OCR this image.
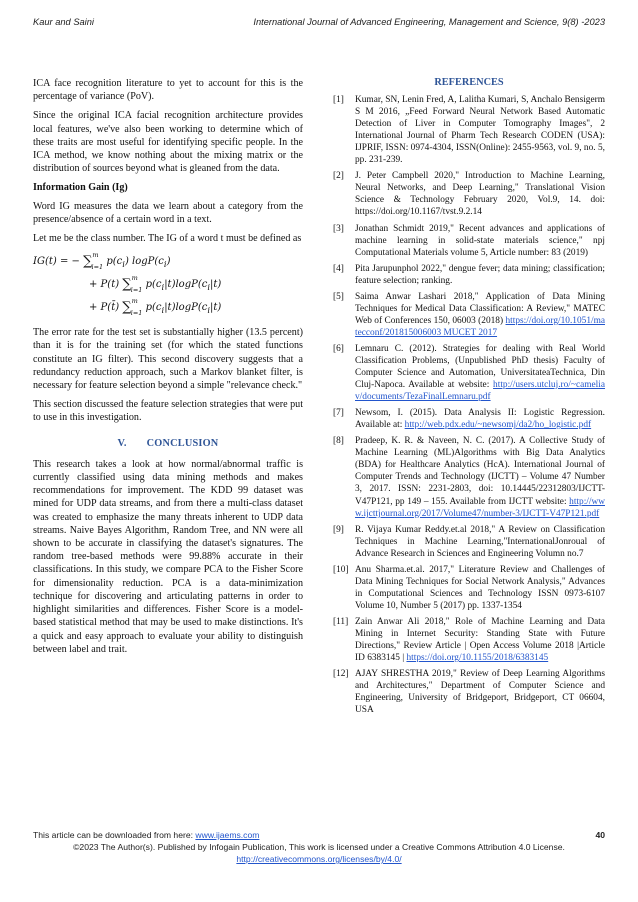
Kaur and Saini	International Journal of Advanced Engineering, Management and Science, 9(8) -2023

ICA face recognition literature to yet to account for this is the percentage of variance (PoV).

Since the original ICA facial recognition architecture provides local features, we've also been working to determine which of these traits are most useful for identifying specific people. In the ICA method, we know nothing about the mixing matrix or the distribution of sources beyond what is gleaned from the data.

Information Gain (Ig)

Word IG measures the data we learn about a category from the presence/absence of a certain word in a text.

Let me be the class number. The IG of a word t must be defined as

IG(t) = − ∑$^m_{i=1}$ $p(c_i)$ $\log P(c_i)$
+ P(t) ∑$^m_{i=1}$ $p(c_i|t)\log P(c_i|t)$
+ P(t̄) ∑$^m_{i=1}$ $p(c_i|t)\log P(c_i|t)$

The error rate for the test set is substantially higher (13.5 percent) than it is for the training set (for which the stated functions constitute an IG filter). This second discovery suggests that a redundancy reduction approach, such a Markov blanket filter, is necessary for feature selection beyond a simple "relevance check."

This section discussed the feature selection strategies that were put to use in this investigation.

V. CONCLUSION

This research takes a look at how normal/abnormal traffic is currently classified using data mining methods and makes recommendations for improvement. The KDD 99 dataset was mined for UDP data streams, and from there a multi-class dataset was created to emphasize the many threats inherent to UDP data streams. Naive Bayes Algorithm, Random Tree, and NN were all shown to be accurate in classifying the dataset's signatures. The random tree-based methods were 99.88% accurate in their classifications. In this study, we compare PCA to the Fisher Score for dimensionality reduction. PCA is a data-minimization technique for discovering and articulating patterns in order to highlight similarities and differences. Fisher Score is a model-based statistical method that may be used to make distinctions. It's a quick and easy approach to evaluate your ability to distinguish between label and trait.

REFERENCES
[1]	Kumar, SN, Lenin Fred, A, Lalitha Kumari, S, Anchalo Bensigerm S M 2016, „Feed Forward Neural Network Based Automatic Detection of Liver in Computer Tomography Images", 2 International Journal of Pharm Tech Research CODEN (USA): IJPRIF, ISSN: 0974-4304, ISSN(Online): 2455-9563, vol. 9, no. 5, pp. 231-239.
[2]	J. Peter Campbell 2020," Introduction to Machine Learning, Neural Networks, and Deep Learning," Translational Vision Science & Technology February 2020, Vol.9, 14. doi: https://doi.org/10.1167/tvst.9.2.14
[3]	Jonathan Schmidt 2019," Recent advances and applications of machine learning in solid-state materials science," npj Computational Materials volume 5, Article number: 83 (2019)
[4]	Pita Jarupunphol 2022," dengue fever; data mining; classification; feature selection; ranking.
[5]	Saima Anwar Lashari 2018," Application of Data Mining Techniques for Medical Data Classification: A Review," MATEC Web of Conferences 150, 06003 (2018) https://doi.org/10.1051/matecconf/201815006003 MUCET 2017
[6]	Lemnaru C. (2012). Strategies for dealing with Real World Classification Problems, (Unpublished PhD thesis) Faculty of Computer Science and Automation, UniversitateaTechnica, Din Cluj-Napoca. Available at website: http://users.utcluj.ro/~cameliav/documents/TezaFinalLemnaru.pdf
[7]	Newsom, I. (2015). Data Analysis II: Logistic Regression. Available at: http://web.pdx.edu/~newsomj/da2/ho_logistic.pdf
[8]	Pradeep, K. R. & Naveen, N. C. (2017). A Collective Study of Machine Learning (ML)Algorithms with Big Data Analytics (BDA) for Healthcare Analytics (HcA). International Journal of Computer Trends and Technology (IJCTT) – Volume 47 Number 3, 2017. ISSN: 2231-2803, doi: 10.14445/22312803/IJCTT-V47P121, pp 149 – 155. Available from IJCTT website: http://www.ijcttjournal.org/2017/Volume47/number-3/IJCTT-V47P121.pdf
[9]	R. Vijaya Kumar Reddy.et.al 2018," A Review on Classification Techniques in Machine Learning,"InternationalJonroual of Advance Research in Sciences and Engineering Volumn no.7
[10] Anu Sharma.et.al. 2017," Literature Review and Challenges of Data Mining Techniques for Social Network Analysis," Advances in Computational Sciences and Technology ISSN 0973-6107 Volume 10, Number 5 (2017) pp. 1337-1354
[11] Zain Anwar Ali 2018," Role of Machine Learning and Data Mining in Internet Security: Standing State with Future Directions," Review Article | Open Access Volume 2018 |Article ID 6383145 | https://doi.org/10.1155/2018/6383145
[12] AJAY SHRESTHA 2019," Review of Deep Learning Algorithms and Architectures," Department of Computer Science and Engineering, University of Bridgeport, Bridgeport, CT 06604, USA
This article can be downloaded from here: www.ijaems.com	40
©2023 The Author(s). Published by Infogain Publication, This work is licensed under a Creative Commons Attribution 4.0 License.
http://creativecommons.org/licenses/by/4.0/
